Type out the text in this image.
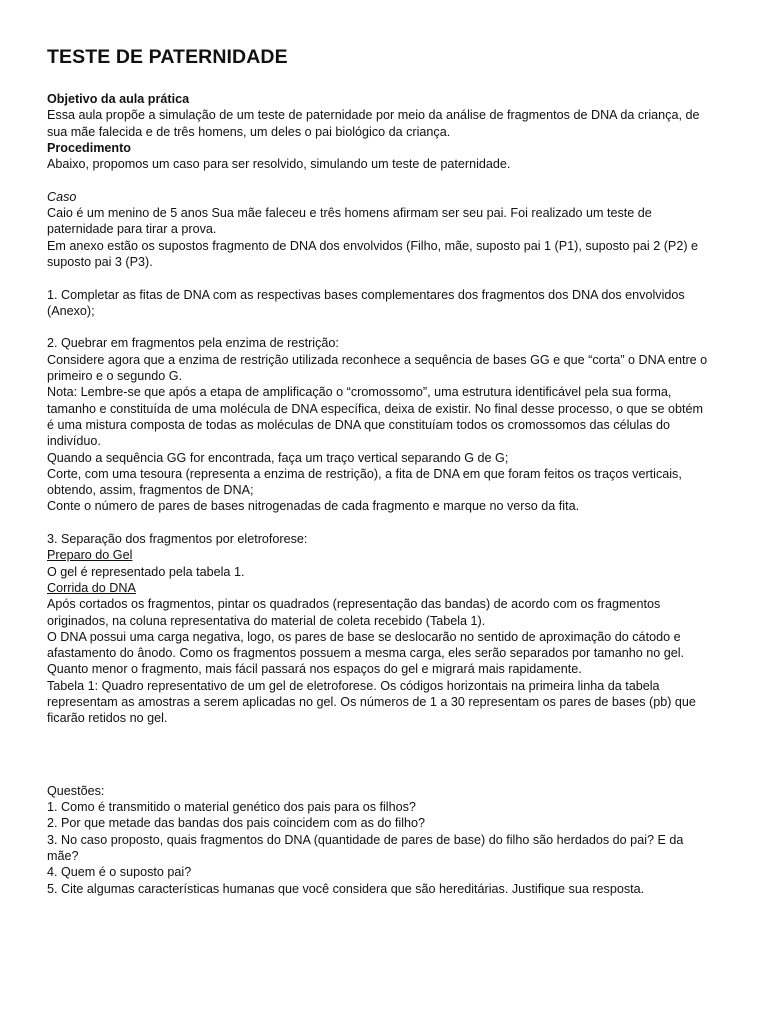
TESTE DE PATERNIDADE
Objetivo da aula prática
Essa aula propõe a simulação de um teste de paternidade por meio da análise de fragmentos de DNA da criança, de
sua mãe falecida e de três homens, um deles o pai biológico da criança.
Procedimento
Abaixo, propomos um caso para ser resolvido, simulando um teste de paternidade.
Caso
Caio é um menino de 5 anos Sua mãe faleceu e três homens afirmam ser seu pai. Foi realizado um teste de
paternidade para tirar a prova.
Em anexo estão os supostos fragmento de DNA dos envolvidos (Filho, mãe, suposto pai 1 (P1), suposto pai 2 (P2) e
suposto pai 3 (P3).
1. Completar as fitas de DNA com as respectivas bases complementares dos fragmentos dos DNA dos envolvidos
(Anexo);
2. Quebrar em fragmentos pela enzima de restrição:
Considere agora que a enzima de restrição utilizada reconhece a sequência de bases GG e que “corta” o DNA entre o
primeiro e o segundo G.
Nota: Lembre-se que após a etapa de amplificação o “cromossomo”, uma estrutura identificável pela sua forma,
tamanho e constituída de uma molécula de DNA específica, deixa de existir. No final desse processo, o que se obtém
é uma mistura composta de todas as moléculas de DNA que constituíam todos os cromossomos das células do
indivíduo.
Quando a sequência GG for encontrada, faça um traço vertical separando G de G;
Corte, com uma tesoura (representa a enzima de restrição), a fita de DNA em que foram feitos os traços verticais,
obtendo, assim, fragmentos de DNA;
Conte o número de pares de bases nitrogenadas de cada fragmento e marque no verso da fita.
3. Separação dos fragmentos por eletroforese:
Preparo do Gel
O gel é representado pela tabela 1.
Corrida do DNA
Após cortados os fragmentos, pintar os quadrados (representação das bandas) de acordo com os fragmentos
originados, na coluna representativa do material de coleta recebido (Tabela 1).
O DNA possui uma carga negativa, logo, os pares de base se deslocarão no sentido de aproximação do cátodo e
afastamento do ânodo. Como os fragmentos possuem a mesma carga, eles serão separados por tamanho no gel.
Quanto menor o fragmento, mais fácil passará nos espaços do gel e migrará mais rapidamente.
Tabela 1: Quadro representativo de um gel de eletroforese. Os códigos horizontais na primeira linha da tabela
representam as amostras a serem aplicadas no gel. Os números de 1 a 30 representam os pares de bases (pb) que
ficarão retidos no gel.
Questões:
1. Como é transmitido o material genético dos pais para os filhos?
2. Por que metade das bandas dos pais coincidem com as do filho?
3. No caso proposto, quais fragmentos do DNA (quantidade de pares de base) do filho são herdados do pai? E da
mãe?
4. Quem é o suposto pai?
5. Cite algumas características humanas que você considera que são hereditárias. Justifique sua resposta.
